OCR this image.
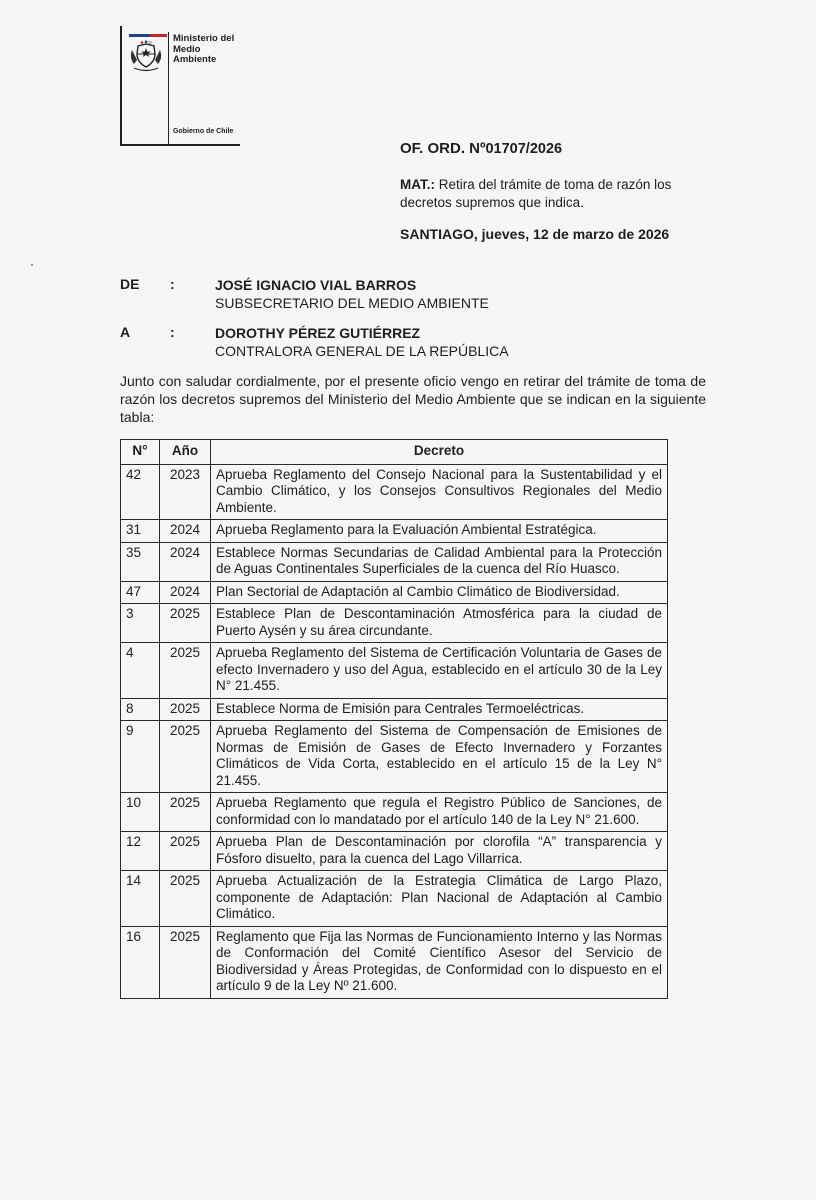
Ministerio del
Medio
Ambiente
Gobierno de Chile
OF. ORD. Nº01707/2026
MAT.: Retira del trámite de toma de razón los decretos supremos que indica.
SANTIAGO, jueves, 12 de marzo de 2026
DE :	JOSÉ IGNACIO VIAL BARROS
SUBSECRETARIO DEL MEDIO AMBIENTE
A	:	DOROTHY PÉREZ GUTIÉRREZ
CONTRALORA GENERAL DE LA REPÚBLICA
Junto con saludar cordialmente, por el presente oficio vengo en retirar del trámite de toma de razón los decretos supremos del Ministerio del Medio Ambiente que se indican en la siguiente tabla:
N°	Año	Decreto
42	2023	Aprueba Reglamento del Consejo Nacional para la Sustentabilidad y el Cambio Climático, y los Consejos Consultivos Regionales del Medio Ambiente.
31	2024	Aprueba Reglamento para la Evaluación Ambiental Estratégica.
35	2024	Establece Normas Secundarias de Calidad Ambiental para la Protección de Aguas Continentales Superficiales de la cuenca del Río Huasco.
47	2024	Plan Sectorial de Adaptación al Cambio Climático de Biodiversidad.
3	2025	Establece Plan de Descontaminación Atmosférica para la ciudad de Puerto Aysén y su área circundante.
4	2025	Aprueba Reglamento del Sistema de Certificación Voluntaria de Gases de efecto Invernadero y uso del Agua, establecido en el artículo 30 de la Ley N° 21.455.
8	2025	Establece Norma de Emisión para Centrales Termoeléctricas.
9	2025	Aprueba Reglamento del Sistema de Compensación de Emisiones de Normas de Emisión de Gases de Efecto Invernadero y Forzantes Climáticos de Vida Corta, establecido en el artículo 15 de la Ley N° 21.455.
10	2025	Aprueba Reglamento que regula el Registro Público de Sanciones, de conformidad con lo mandatado por el artículo 140 de la Ley N° 21.600.
12	2025	Aprueba Plan de Descontaminación por clorofila “A” transparencia y Fósforo disuelto, para la cuenca del Lago Villarrica.
14	2025	Aprueba Actualización de la Estrategia Climática de Largo Plazo, componente de Adaptación: Plan Nacional de Adaptación al Cambio Climático.
16	2025	Reglamento que Fija las Normas de Funcionamiento Interno y las Normas de Conformación del Comité Científico Asesor del Servicio de Biodiversidad y Áreas Protegidas, de Conformidad con lo dispuesto en el artículo 9 de la Ley Nº 21.600.
